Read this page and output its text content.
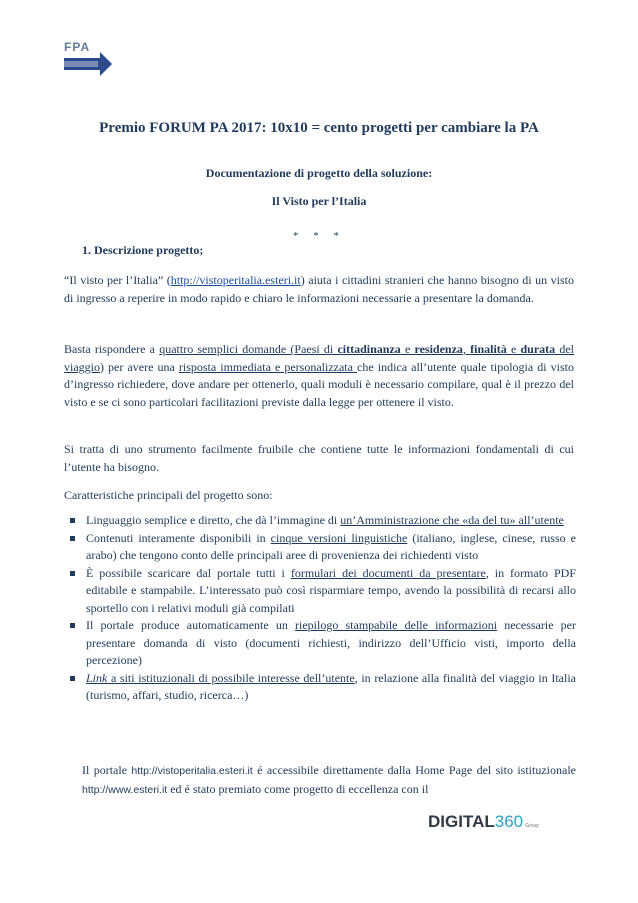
FPA
Premio FORUM PA 2017: 10x10 = cento progetti per cambiare la PA
Documentazione di progetto della soluzione:
Il Visto per l’Italia
* * *
1. Descrizione progetto;
“Il visto per l’Italia” (http://vistoperitalia.esteri.it) aiuta i cittadini stranieri che hanno bisogno di un visto di ingresso a reperire in modo rapido e chiaro le informazioni necessarie a presentare la domanda.
Basta rispondere a quattro semplici domande (Paesi di cittadinanza e residenza, finalità e durata del viaggio) per avere una risposta immediata e personalizzata che indica all’utente quale tipologia di visto d’ingresso richiedere, dove andare per ottenerlo, quali moduli è necessario compilare, qual è il prezzo del visto e se ci sono particolari facilitazioni previste dalla legge per ottenere il visto.
Si tratta di uno strumento facilmente fruibile che contiene tutte le informazioni fondamentali di cui l’utente ha bisogno.
Caratteristiche principali del progetto sono:
Linguaggio semplice e diretto, che dà l’immagine di un’Amministrazione che «da del tu» all’utente
Contenuti interamente disponibili in cinque versioni linguistiche (italiano, inglese, cinese, russo e arabo) che tengono conto delle principali aree di provenienza dei richiedenti visto
È possibile scaricare dal portale tutti i formulari dei documenti da presentare, in formato PDF editabile e stampabile. L’interessato può così risparmiare tempo, avendo la possibilità di recarsi allo sportello con i relativi moduli già compilati
Il portale produce automaticamente un riepilogo stampabile delle informazioni necessarie per presentare domanda di visto (documenti richiesti, indirizzo dell’Ufficio visti, importo della percezione)
Link a siti istituzionali di possibile interesse dell’utente, in relazione alla finalità del viaggio in Italia (turismo, affari, studio, ricerca…)
Il portale http://vistoperitalia.esteri.it é accessibile direttamente dalla Home Page del sito istituzionale http://www.esteri.it ed é stato premiato come progetto di eccellenza con il
DIGITAL360 Group
